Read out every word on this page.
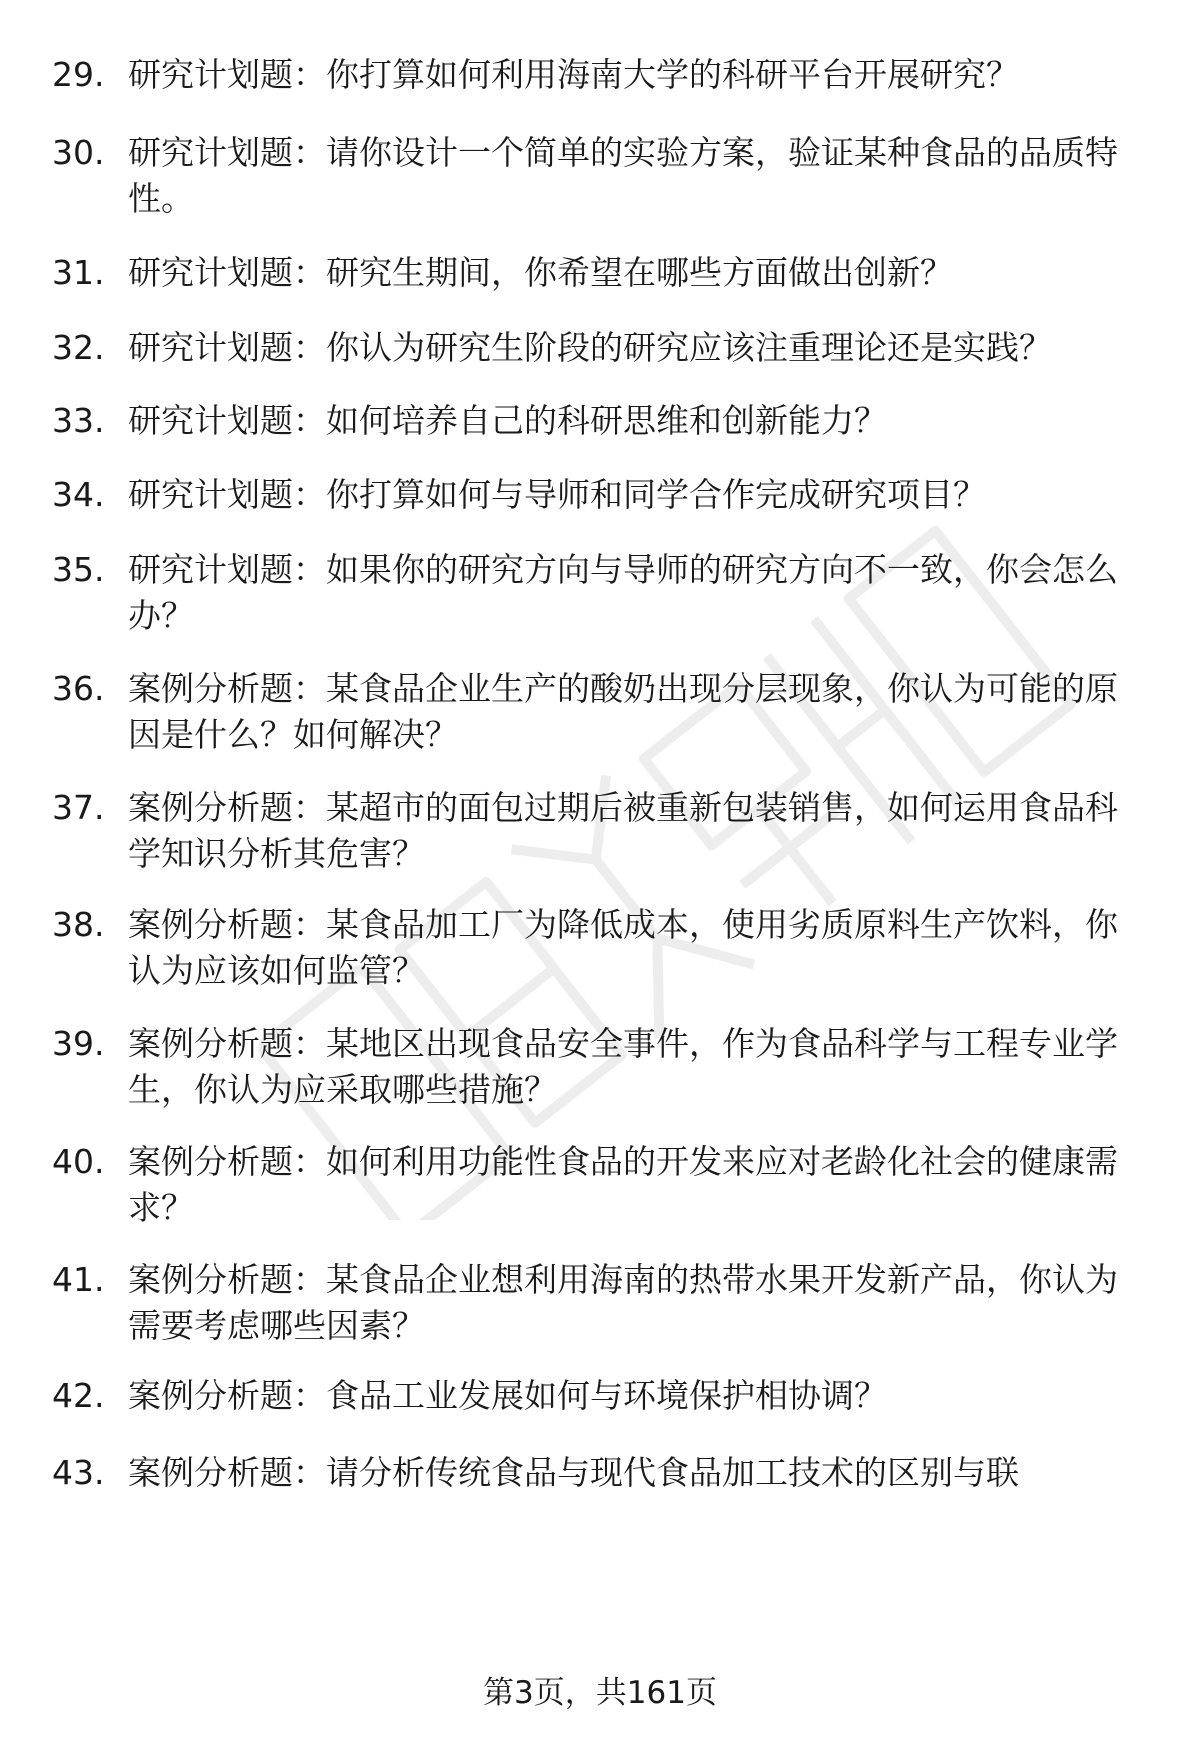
29. 研究计划题：你打算如何利用海南大学的科研平台开展研究？
30. 研究计划题：请你设计一个简单的实验方案，验证某种食品的品质特性。
31. 研究计划题：研究生期间，你希望在哪些方面做出创新？
32. 研究计划题：你认为研究生阶段的研究应该注重理论还是实践？
33. 研究计划题：如何培养自己的科研思维和创新能力？
34. 研究计划题：你打算如何与导师和同学合作完成研究项目？
35. 研究计划题：如果你的研究方向与导师的研究方向不一致，你会怎么办？
36. 案例分析题：某食品企业生产的酸奶出现分层现象，你认为可能的原因是什么？如何解决？
37. 案例分析题：某超市的面包过期后被重新包装销售，如何运用食品科学知识分析其危害？
38. 案例分析题：某食品加工厂为降低成本，使用劣质原料生产饮料，你认为应该如何监管？
39. 案例分析题：某地区出现食品安全事件，作为食品科学与工程专业学生，你认为应采取哪些措施？
40. 案例分析题：如何利用功能性食品的开发来应对老龄化社会的健康需求？
41. 案例分析题：某食品企业想利用海南的热带水果开发新产品，你认为需要考虑哪些因素？
42. 案例分析题：食品工业发展如何与环境保护相协调？
43. 案例分析题：请分析传统食品与现代食品加工技术的区别与联
第3页，共161页
